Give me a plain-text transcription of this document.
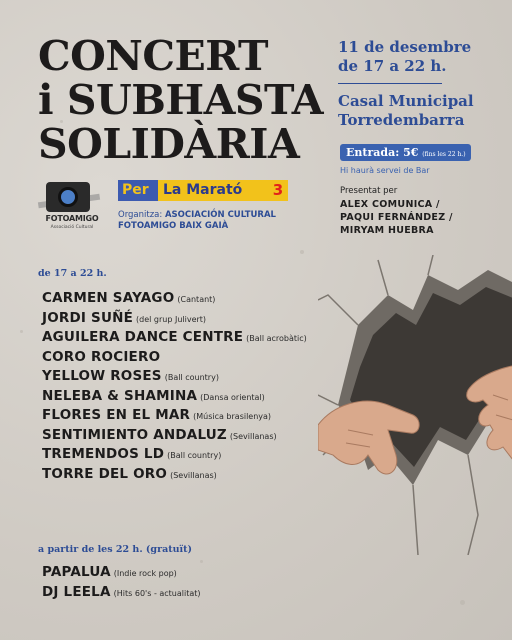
CONCERT
i SUBHASTA
SOLIDÀRIA
11 de desembre
de 17 a 22 h.
Casal Municipal
Torredembarra
Entrada: 5€ (fins les 22 h.)
Hi haurà servei de Bar
Presentat per
ALEX COMUNICA /
PAQUI FERNÁNDEZ /
MIRYAM HUEBRA
FOTOAMIGO
Associació Cultural
Per	La Marató	3
Organitza: ASOCIACIÓN CULTURAL
FOTOAMIGO BAIX GAIÀ
de 17 a 22 h.
CARMEN SAYAGO (Cantant)
JORDI SUÑÉ (del grup Julivert)
AGUILERA DANCE CENTRE (Ball acrobàtic)
CORO ROCIERO
YELLOW ROSES (Ball country)
NELEBA & SHAMINA (Dansa oriental)
FLORES EN EL MAR (Música brasilenya)
SENTIMIENTO ANDALUZ (Sevillanas)
TREMENDOS LD (Ball country)
TORRE DEL ORO (Sevillanas)
a partir de les 22 h. (gratuït)
PAPALUA (Indie rock pop)
DJ LEELA (Hits 60's - actualitat)
